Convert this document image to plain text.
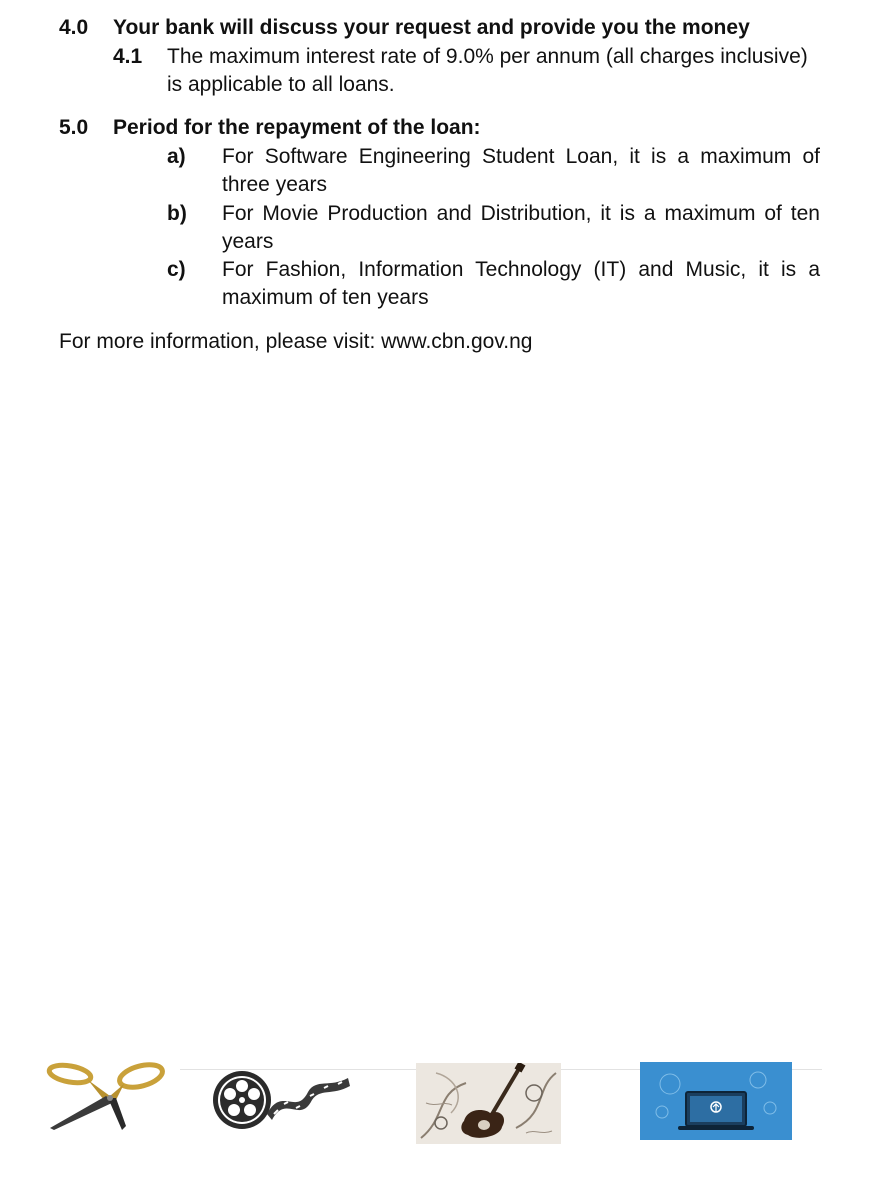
4.0 Your bank will discuss your request and provide you the money
4.1 The maximum interest rate of 9.0% per annum (all charges inclusive)
is applicable to all loans.
5.0 Period for the repayment of the loan:
a) For Software Engineering Student Loan, it is a maximum of
three years
b) For Movie Production and Distribution, it is a maximum of ten
years
c) For Fashion, Information Technology (IT) and Music, it is a
maximum of ten years
For more information, please visit: www.cbn.gov.ng
